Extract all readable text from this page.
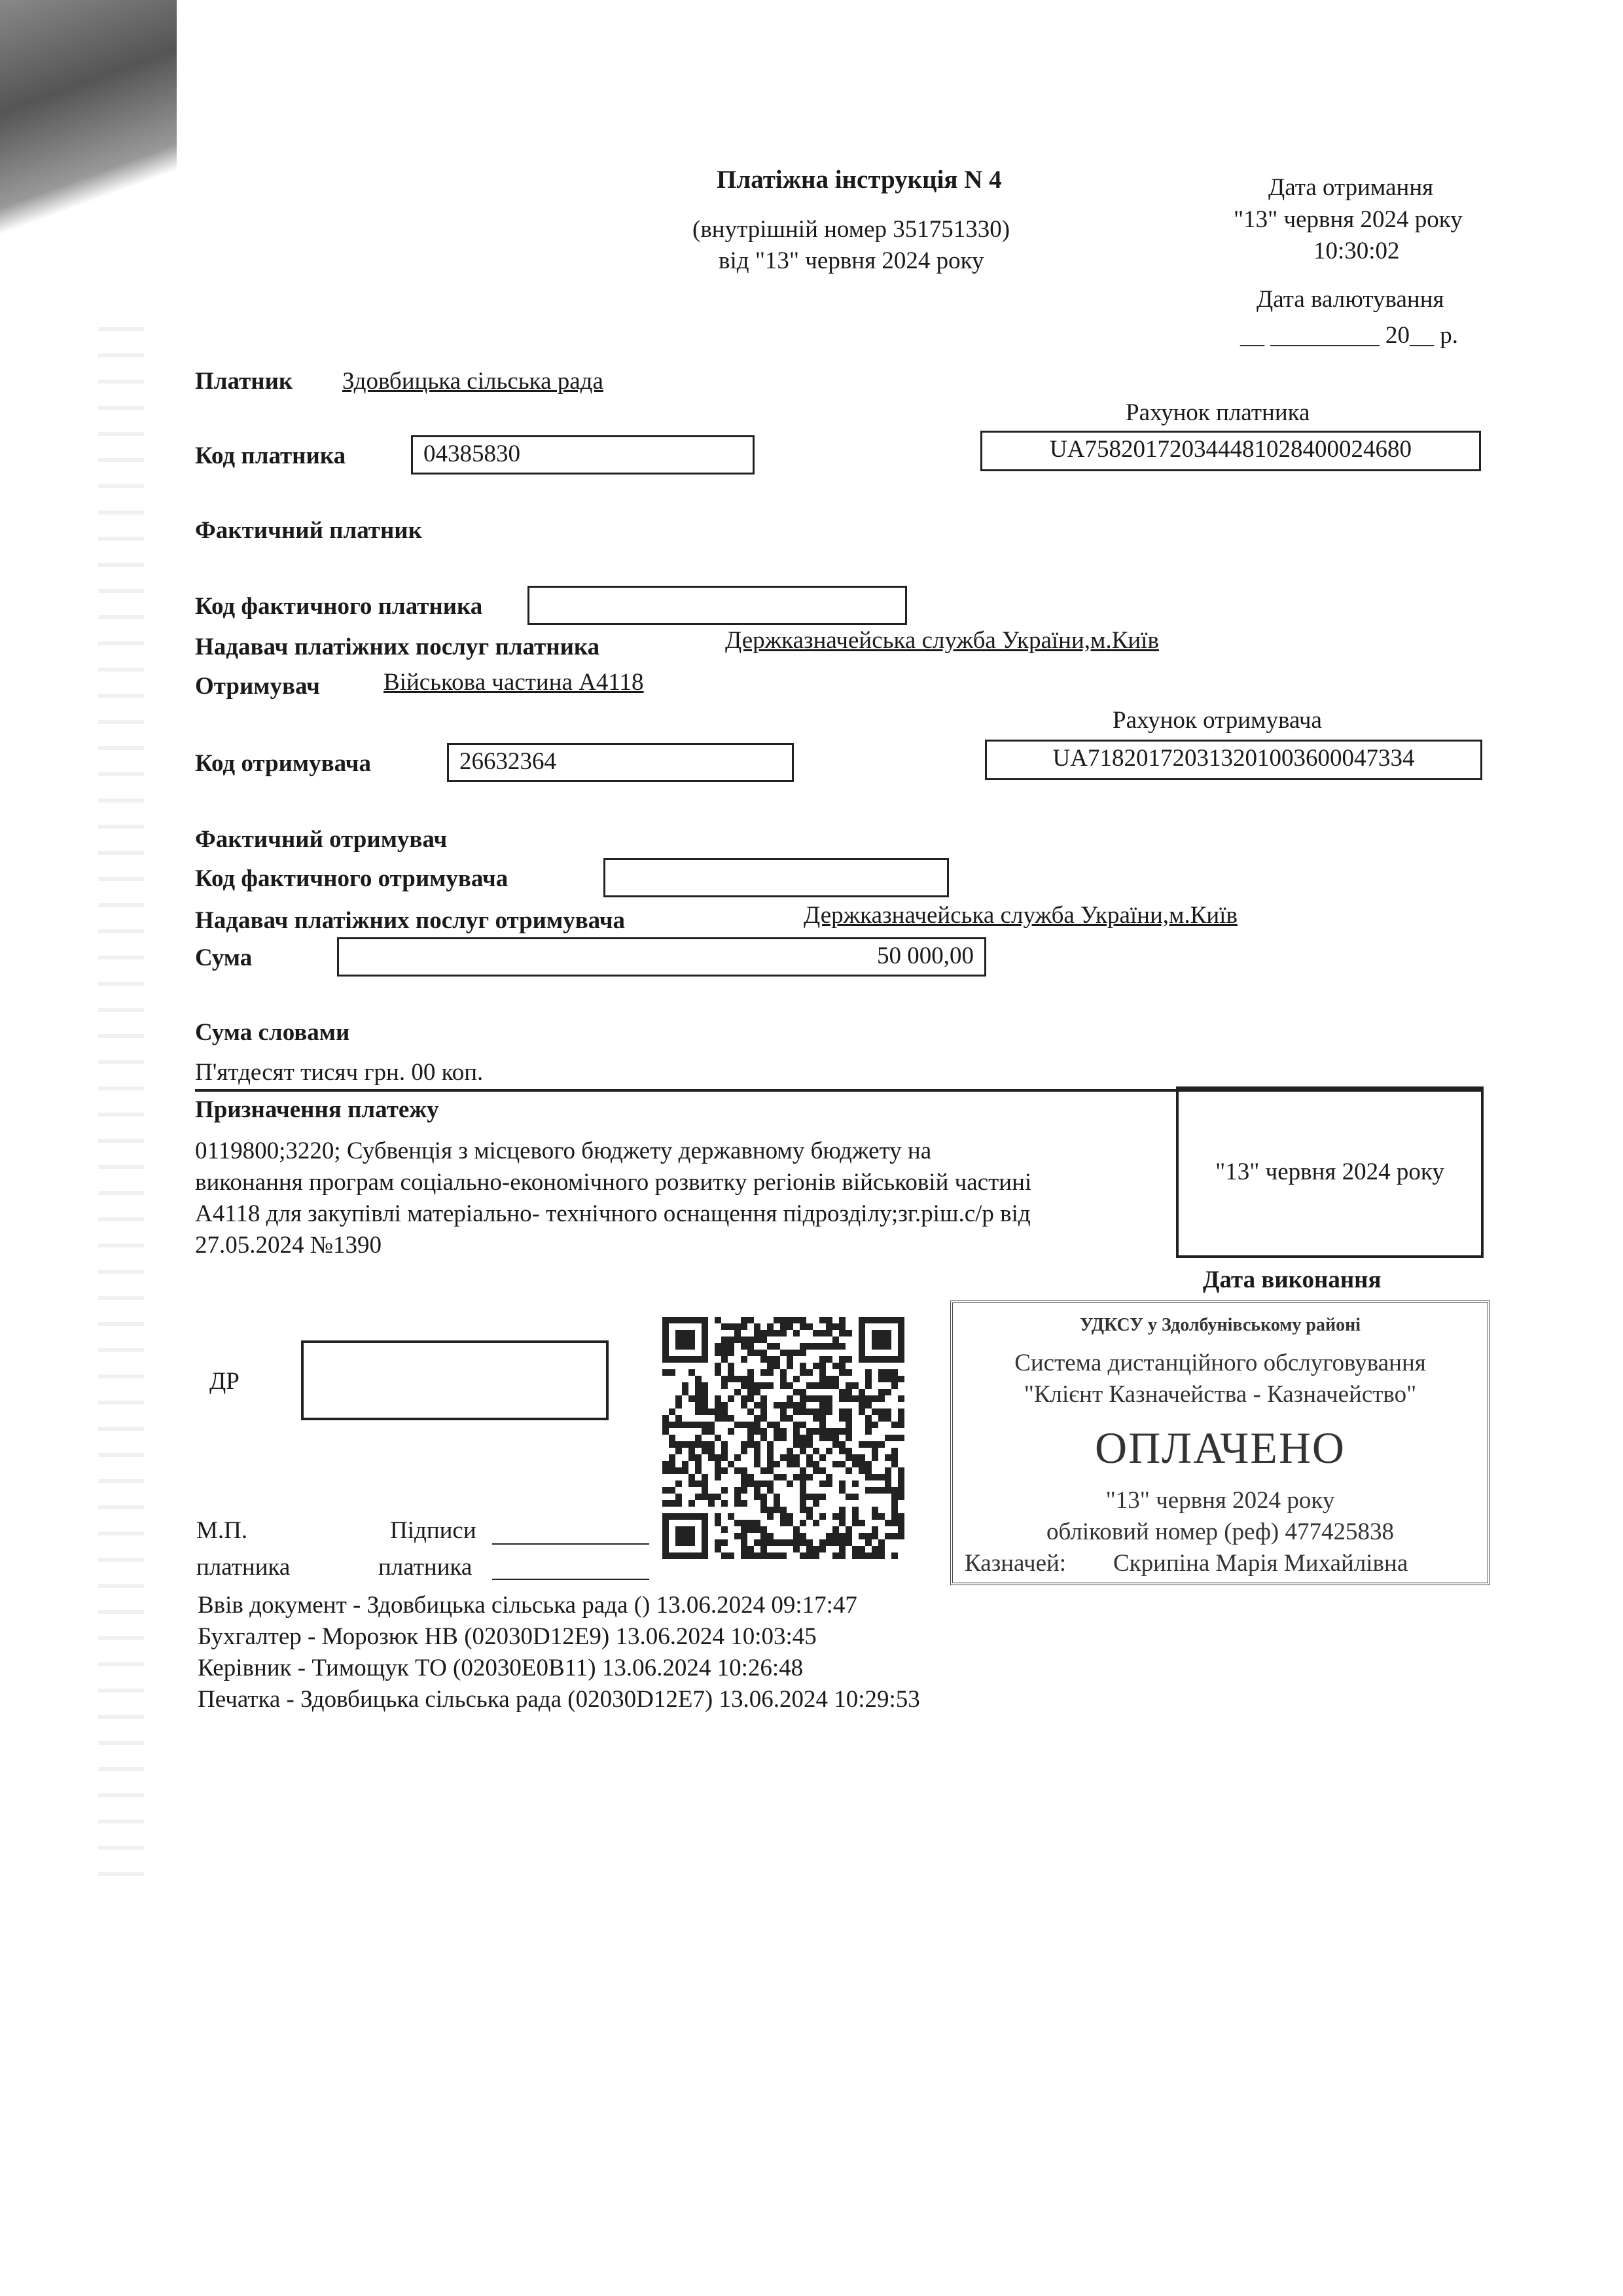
Платіжна інструкція N 4
(внутрішній номер 351751330)
від "13" червня 2024 року
Дата отримання
"13" червня 2024 року
10:30:02
Дата валютування
__ _________ 20__ р.
Платник Здовбицька сільська рада
Рахунок платника
Код платника	04385830	UA758201720344481028400024680
Фактичний платник
Код фактичного платника
Надавач платіжних послуг платника	Держказначейська служба України,м.Київ
Отримувач	Військова частина А4118
Рахунок отримувача
Код отримувача	26632364	UA718201720313201003600047334
Фактичний отримувач
Код фактичного отримувача
Надавач платіжних послуг отримувача	Держказначейська служба України,м.Київ
Сума	50 000,00
Сума словами
П'ятдесят тисяч грн. 00 коп.
Призначення платежу
0119800;3220; Субвенція з місцевого бюджету державному бюджету на
виконання програм соціально-економічного розвитку регіонів військовій частині
А4118 для закупівлі матеріально- технічного оснащення підрозділу;зг.ріш.с/р від
27.05.2024 №1390
"13" червня 2024 року
Дата виконання
ДР
М.П.
платника
Підписи
платника
УДКСУ у Здолбунівському районі
Система дистанційного обслуговування
"Клієнт Казначейства - Казначейство"
ОПЛАЧЕНО
"13" червня 2024 року
обліковий номер (реф) 477425838
Казначей: Скрипіна Марія Михайлівна
Ввів документ - Здовбицька сільська рада () 13.06.2024 09:17:47
Бухгалтер - Морозюк НВ (02030D12E9) 13.06.2024 10:03:45
Керівник - Тимощук ТО (02030E0B11) 13.06.2024 10:26:48
Печатка - Здовбицька сільська рада (02030D12E7) 13.06.2024 10:29:53
